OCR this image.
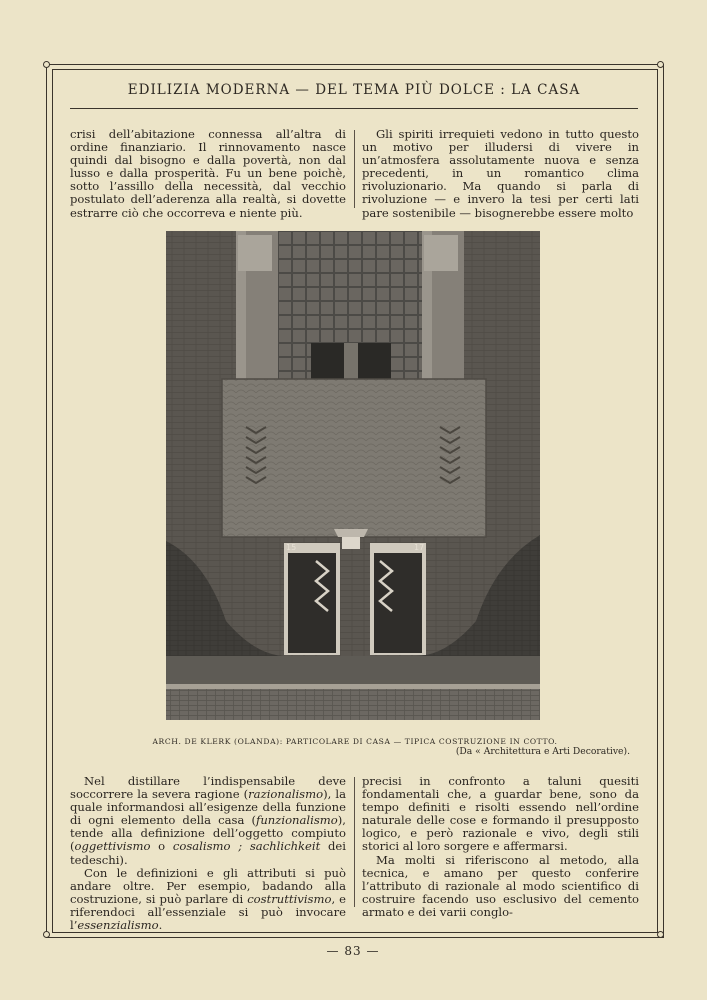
EDILIZIA MODERNA — DEL TEMA PIÙ DOLCE : LA CASA

crisi dell’abitazione connessa all’altra di ordine finanziario. Il rinnovamento nasce quindi dal bisogno e dalla povertà, non dal lusso e dalla prosperità. Fu un bene poichè, sotto l’assillo della necessità, dal vecchio postulato dell’aderenza alla realtà, si dovette estrarre ciò che occorreva e niente più.

Gli spiriti irrequieti vedono in tutto questo un motivo per illudersi di vivere in un’atmosfera assolutamente nuova e senza precedenti, in un romantico clima rivoluzionario. Ma quando si parla di rivoluzione — e invero la tesi per certi lati pare sostenibile — bisognerebbe essere molto

15	17
ARCH. DE KLERK (OLANDA): PARTICOLARE DI CASA — TIPICA COSTRUZIONE IN COTTO.
(Da « Architettura e Arti Decorative).

Nel distillare l’indispensabile deve soccorrere la severa ragione (razionalismo), la quale informandosi all’esigenze della funzione di ogni elemento della casa (funzionalismo), tende alla definizione dell’oggetto compiuto (oggettivismo o cosalismo ; sachlichkeit dei tedeschi).

Con le definizioni e gli attributi si può andare oltre. Per esempio, badando alla costruzione, si può parlare di costruttivismo, e riferendoci all’essenziale si può invocare l’essenzialismo.

precisi in confronto a taluni quesiti fondamentali che, a guardar bene, sono da tempo definiti e risolti essendo nell’ordine naturale delle cose e formando il presupposto logico, e però razionale e vivo, degli stili storici al loro sorgere e affermarsi.

Ma molti si riferiscono al metodo, alla tecnica, e amano per questo conferire l’attributo di razionale al modo scientifico di costruire facendo uso esclusivo del cemento armato e dei varii conglo-

— 83 —
